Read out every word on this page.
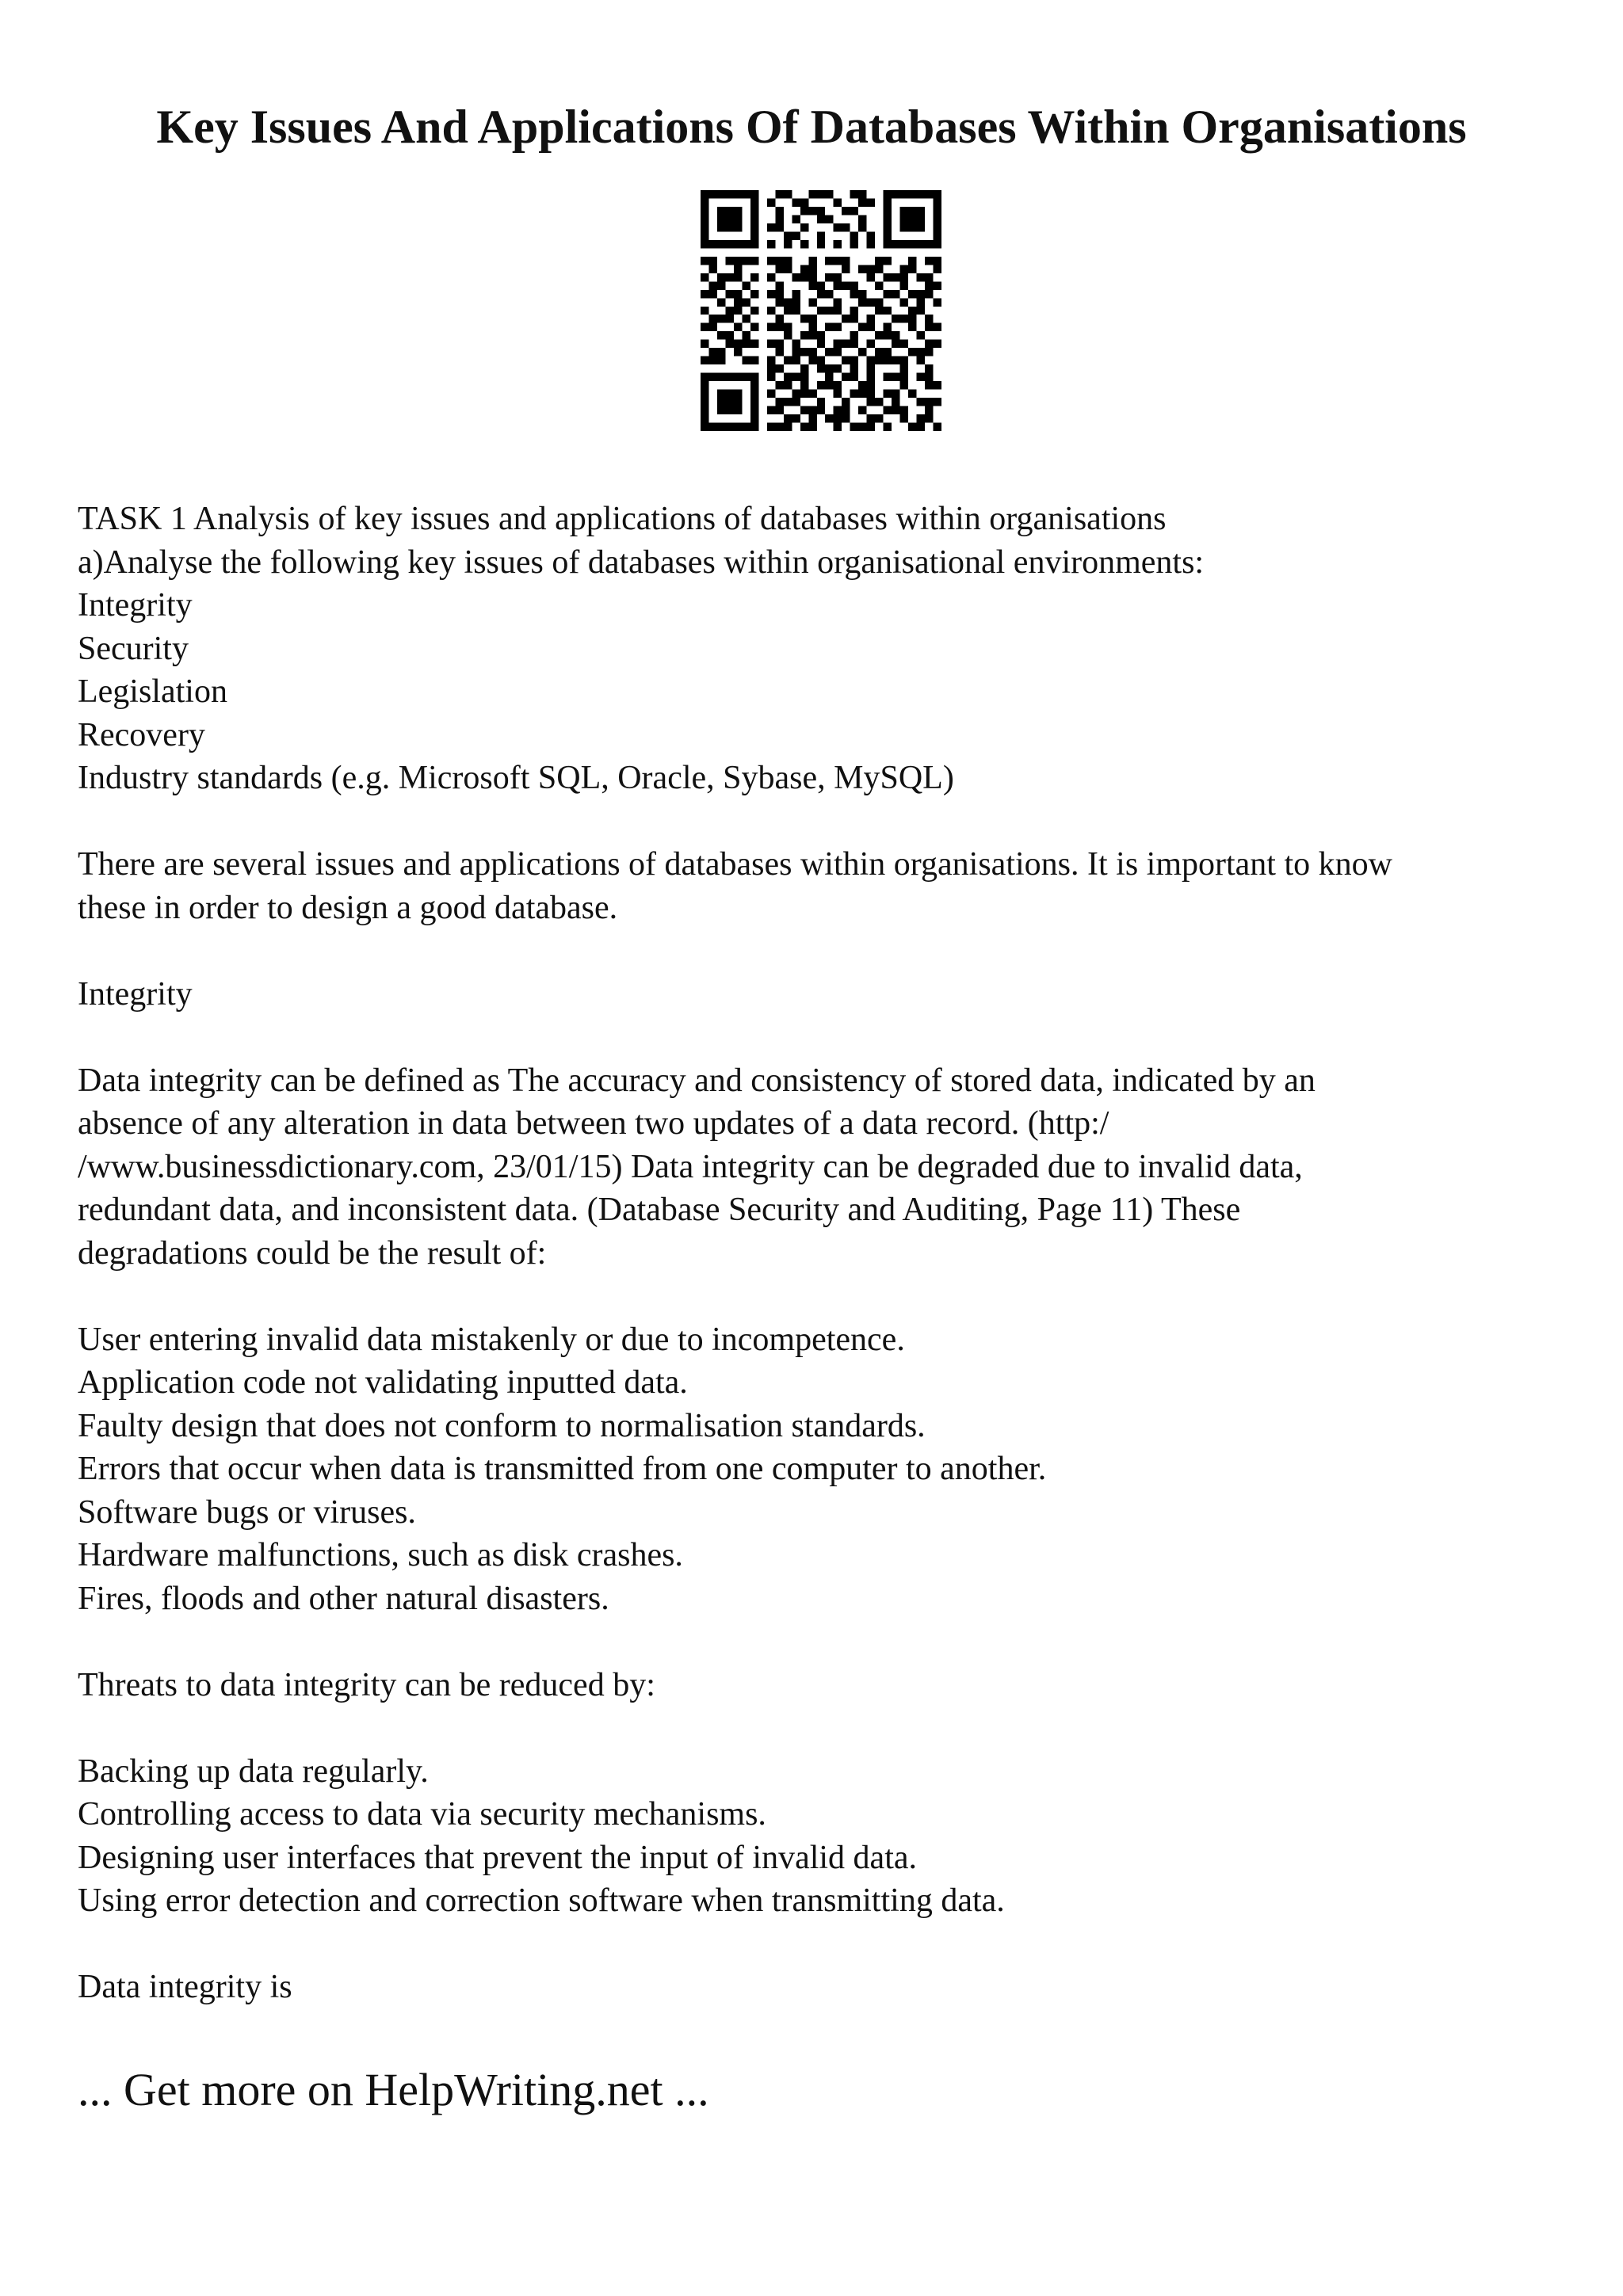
Key Issues And Applications Of Databases Within Organisations
TASK 1 Analysis of key issues and applications of databases within organisations
a)Analyse the following key issues of databases within organisational environments:
Integrity
Security
Legislation
Recovery
Industry standards (e.g. Microsoft SQL, Oracle, Sybase, MySQL)
There are several issues and applications of databases within organisations. It is important to know
these in order to design a good database.
Integrity
Data integrity can be defined as The accuracy and consistency of stored data, indicated by an
absence of any alteration in data between two updates of a data record. (http:/
/www.businessdictionary.com, 23/01/15) Data integrity can be degraded due to invalid data,
redundant data, and inconsistent data. (Database Security and Auditing, Page 11) These
degradations could be the result of:
User entering invalid data mistakenly or due to incompetence.
Application code not validating inputted data.
Faulty design that does not conform to normalisation standards.
Errors that occur when data is transmitted from one computer to another.
Software bugs or viruses.
Hardware malfunctions, such as disk crashes.
Fires, floods and other natural disasters.
Threats to data integrity can be reduced by:
Backing up data regularly.
Controlling access to data via security mechanisms.
Designing user interfaces that prevent the input of invalid data.
Using error detection and correction software when transmitting data.
Data integrity is
... Get more on HelpWriting.net ...
